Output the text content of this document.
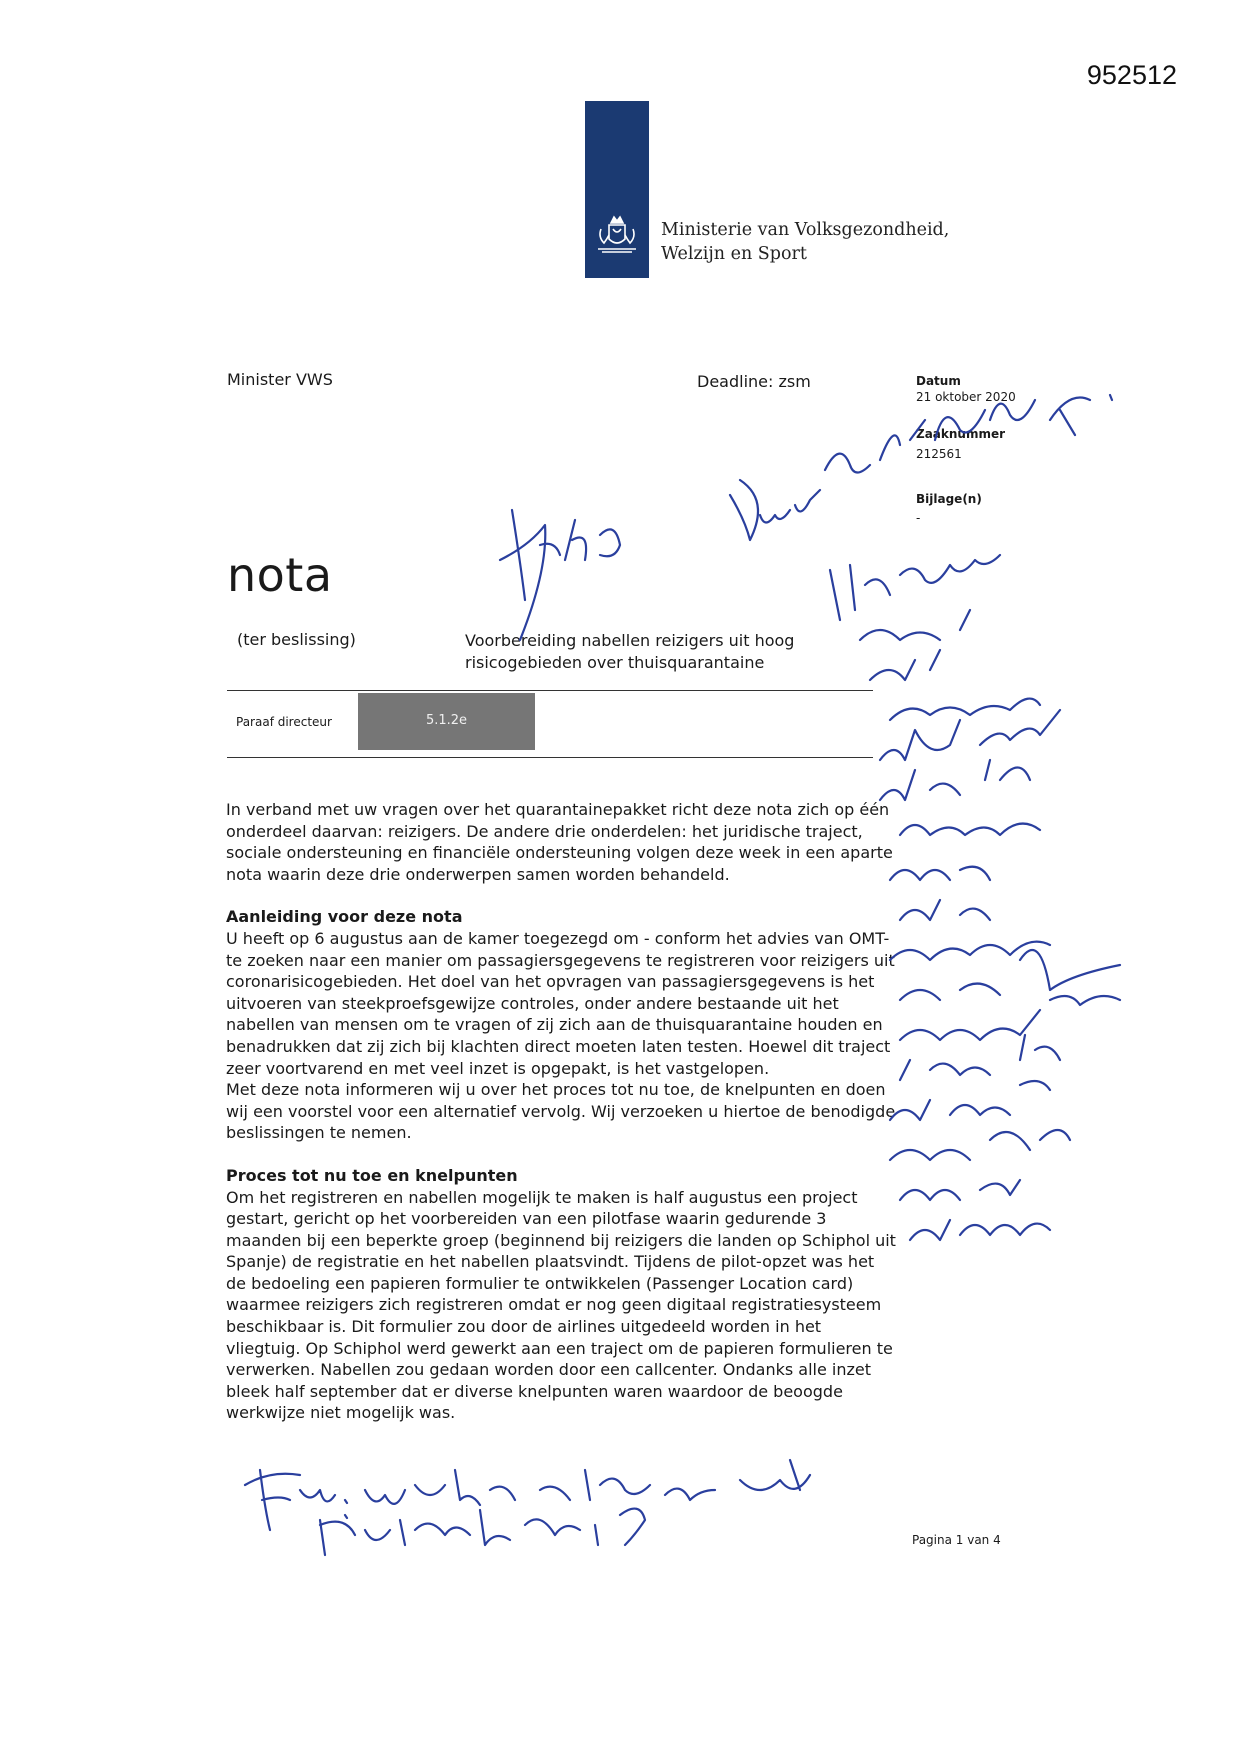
952512
Ministerie van Volksgezondheid,
Welzijn en Sport
Minister VWS	Deadline: zsm	Datum
21 oktober 2020
Zaaknummer
212561
Bijlage(n)
-
nota
(ter beslissing)	Voorbereiding nabellen reizigers uit hoog
risicogebieden over thuisquarantaine
Paraaf directeur	5.1.2e

In verband met uw vragen over het quarantainepakket richt deze nota zich op één onderdeel daarvan: reizigers. De andere drie onderdelen: het juridische traject, sociale ondersteuning en financiële ondersteuning volgen deze week in een aparte nota waarin deze drie onderwerpen samen worden behandeld.

Aanleiding voor deze nota

U heeft op 6 augustus aan de kamer toegezegd om - conform het advies van OMT- te zoeken naar een manier om passagiersgegevens te registreren voor reizigers uit coronarisicogebieden. Het doel van het opvragen van passagiersgegevens is het uitvoeren van steekproefsgewijze controles, onder andere bestaande uit het nabellen van mensen om te vragen of zij zich aan de thuisquarantaine houden en benadrukken dat zij zich bij klachten direct moeten laten testen. Hoewel dit traject zeer voortvarend en met veel inzet is opgepakt, is het vastgelopen.

Met deze nota informeren wij u over het proces tot nu toe, de knelpunten en doen wij een voorstel voor een alternatief vervolg. Wij verzoeken u hiertoe de benodigde beslissingen te nemen.

Proces tot nu toe en knelpunten

Om het registreren en nabellen mogelijk te maken is half augustus een project gestart, gericht op het voorbereiden van een pilotfase waarin gedurende 3 maanden bij een beperkte groep (beginnend bij reizigers die landen op Schiphol uit Spanje) de registratie en het nabellen plaatsvindt. Tijdens de pilot-opzet was het de bedoeling een papieren formulier te ontwikkelen (Passenger Location card) waarmee reizigers zich registreren omdat er nog geen digitaal registratiesysteem beschikbaar is. Dit formulier zou door de airlines uitgedeeld worden in het vliegtuig. Op Schiphol werd gewerkt aan een traject om de papieren formulieren te verwerken. Nabellen zou gedaan worden door een callcenter. Ondanks alle inzet bleek half september dat er diverse knelpunten waren waardoor de beoogde werkwijze niet mogelijk was.

Pagina 1 van 4
